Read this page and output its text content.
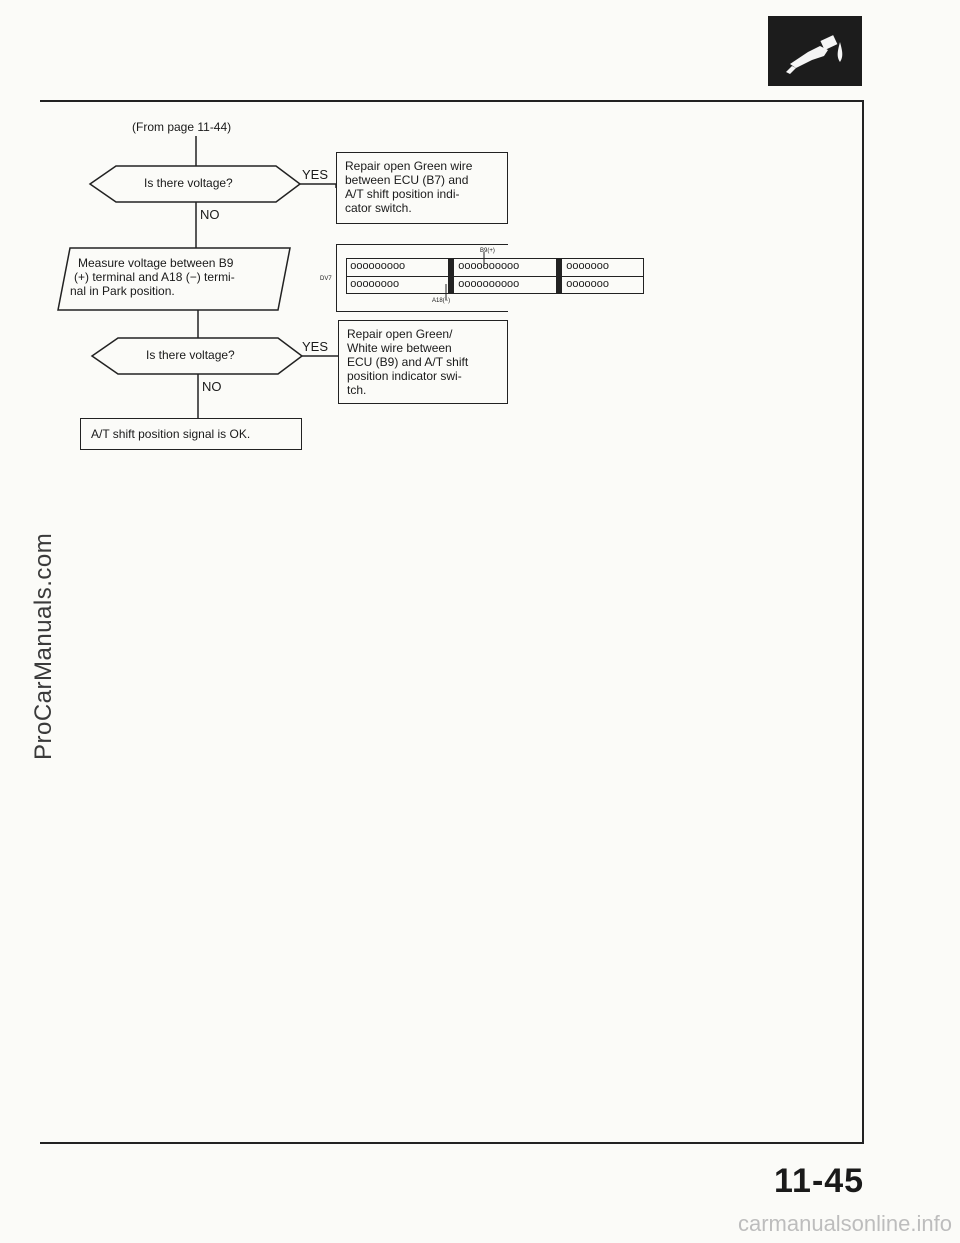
(From page 11-44)
Is there voltage?
YES
NO
Repair open Green wire
between ECU (B7) and
A/T shift position indi-
cator switch.
Measure voltage between B9
(+) terminal and A18 (−) termi-
nal in Park position.
ooooooooo	oooooooooo	ooooooo
oooooooo	oooooooooo	ooooooo
B9(+)
DV7
A18(−)
Is there voltage?
YES
NO
Repair open Green/
White wire between
ECU (B9) and A/T shift
position indicator swi-
tch.
A/T shift position signal is OK.
11-45
ProCarManuals.com
carmanualsonline.info
